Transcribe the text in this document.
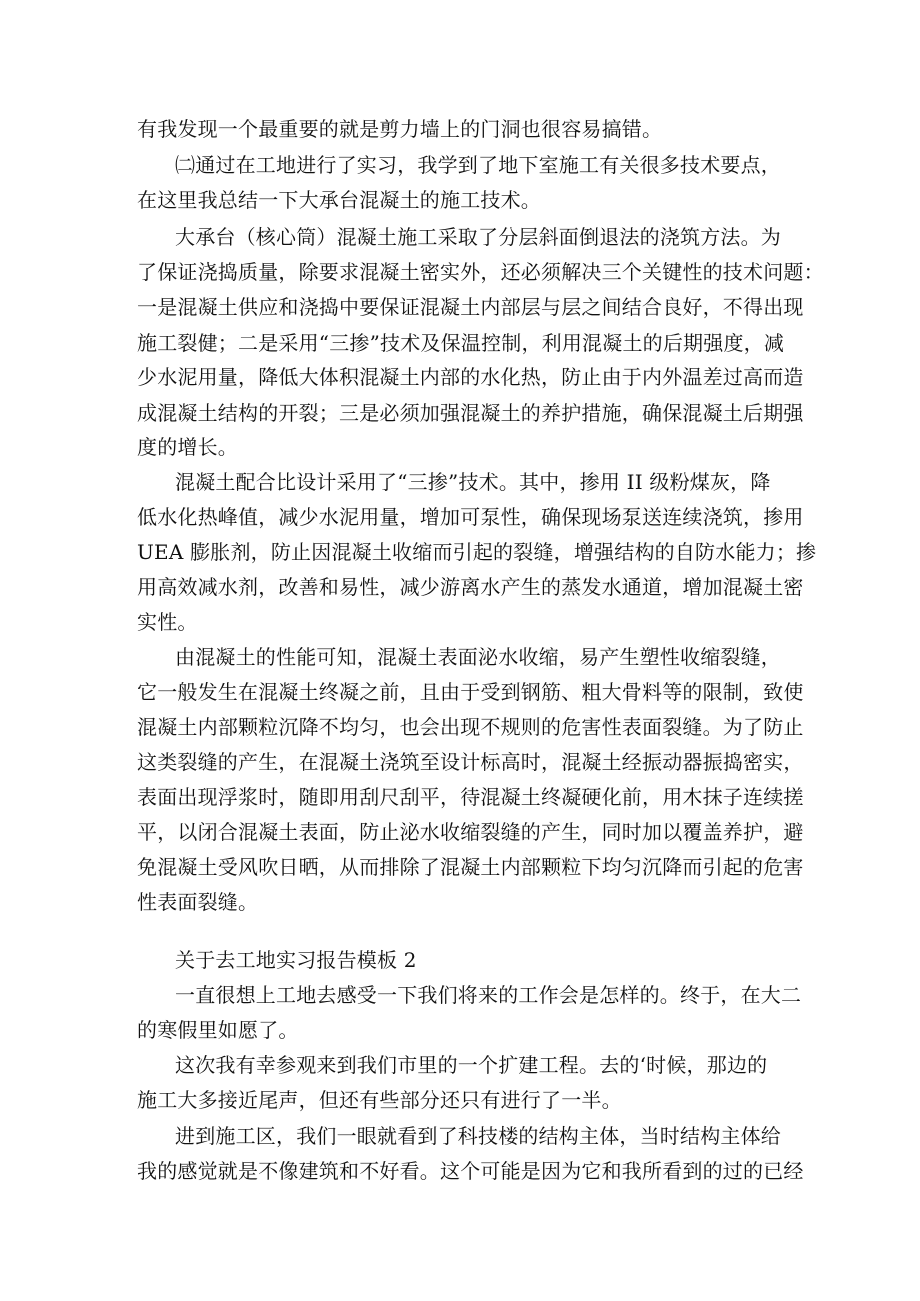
有我发现一个最重要的就是剪力墙上的门洞也很容易搞错。
㈡通过在工地进行了实习，我学到了地下室施工有关很多技术要点，
在这里我总结一下大承台混凝土的施工技术。
大承台（核心筒）混凝土施工采取了分层斜面倒退法的浇筑方法。为
了保证浇捣质量，除要求混凝土密实外，还必须解决三个关键性的技术问题：
一是混凝土供应和浇捣中要保证混凝土内部层与层之间结合良好，不得出现
施工裂健；二是采用“三掺”技术及保温控制，利用混凝土的后期强度，减
少水泥用量，降低大体积混凝土内部的水化热，防止由于内外温差过高而造
成混凝土结构的开裂；三是必须加强混凝土的养护措施，确保混凝土后期强
度的增长。
混凝土配合比设计采用了“三掺”技术。其中，掺用 II 级粉煤灰，降
低水化热峰值，减少水泥用量，增加可泵性，确保现场泵送连续浇筑，掺用
UEA 膨胀剂，防止因混凝土收缩而引起的裂缝，增强结构的自防水能力；掺
用高效减水剂，改善和易性，减少游离水产生的蒸发水通道，增加混凝土密
实性。
由混凝土的性能可知，混凝土表面泌水收缩，易产生塑性收缩裂缝，
它一般发生在混凝土终凝之前，且由于受到钢筋、粗大骨料等的限制，致使
混凝土内部颗粒沉降不均匀，也会出现不规则的危害性表面裂缝。为了防止
这类裂缝的产生，在混凝土浇筑至设计标高时，混凝土经振动器振捣密实，
表面出现浮浆时，随即用刮尺刮平，待混凝土终凝硬化前，用木抹子连续搓
平，以闭合混凝土表面，防止泌水收缩裂缝的产生，同时加以覆盖养护，避
免混凝土受风吹日晒，从而排除了混凝土内部颗粒下均匀沉降而引起的危害
性表面裂缝。
关于去工地实习报告模板 2
一直很想上工地去感受一下我们将来的工作会是怎样的。终于，在大二
的寒假里如愿了。
这次我有幸参观来到我们市里的一个扩建工程。去的‘时候，那边的
施工大多接近尾声，但还有些部分还只有进行了一半。
进到施工区，我们一眼就看到了科技楼的结构主体，当时结构主体给
我的感觉就是不像建筑和不好看。这个可能是因为它和我所看到的过的已经
